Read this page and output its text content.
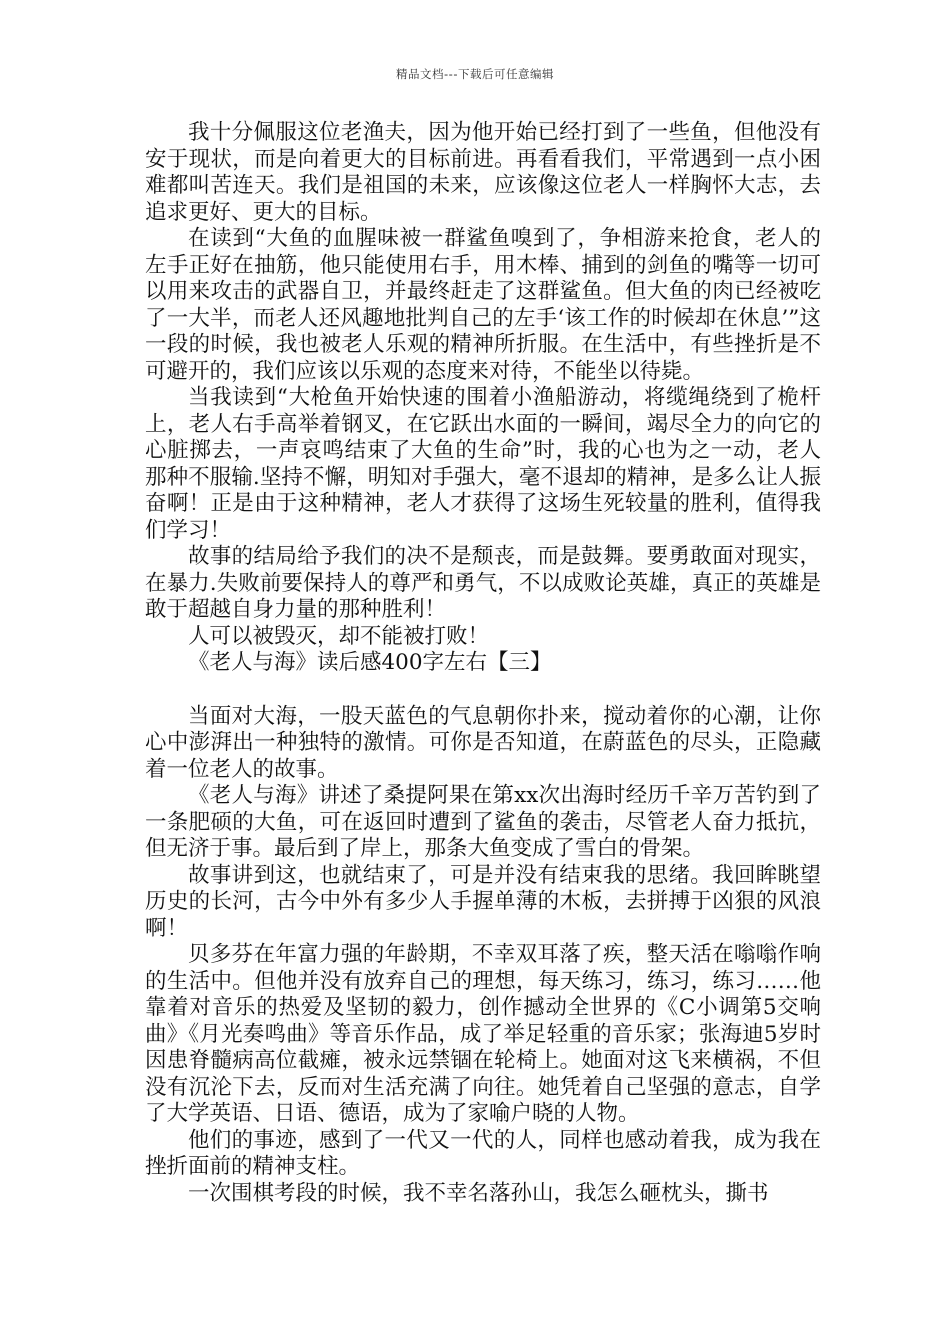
精品文档---下载后可任意编辑

我十分佩服这位老渔夫，因为他开始已经打到了一些鱼，但他没有安于现状，而是向着更大的目标前进。再看看我们，平常遇到一点小困难都叫苦连天。我们是祖国的未来，应该像这位老人一样胸怀大志，去追求更好、更大的目标。

在读到“大鱼的血腥味被一群鲨鱼嗅到了，争相游来抢食，老人的左手正好在抽筋，他只能使用右手，用木棒、捕到的剑鱼的嘴等一切可以用来攻击的武器自卫，并最终赶走了这群鲨鱼。但大鱼的肉已经被吃了一大半，而老人还风趣地批判自己的左手‘该工作的时候却在休息’”这一段的时候，我也被老人乐观的精神所折服。在生活中，有些挫折是不可避开的，我们应该以乐观的态度来对待，不能坐以待毙。

当我读到“大枪鱼开始快速的围着小渔船游动，将缆绳绕到了桅杆上，老人右手高举着钢叉，在它跃出水面的一瞬间，竭尽全力的向它的心脏掷去，一声哀鸣结束了大鱼的生命”时，我的心也为之一动，老人那种不服输.坚持不懈，明知对手强大，毫不退却的精神，是多么让人振奋啊！正是由于这种精神，老人才获得了这场生死较量的胜利，值得我们学习！

故事的结局给予我们的决不是颓丧，而是鼓舞。要勇敢面对现实，在暴力.失败前要保持人的尊严和勇气，不以成败论英雄，真正的英雄是敢于超越自身力量的那种胜利！

人可以被毁灭，却不能被打败！

《老人与海》读后感400字左右【三】

当面对大海，一股天蓝色的气息朝你扑来，搅动着你的心潮，让你心中澎湃出一种独特的激情。可你是否知道，在蔚蓝色的尽头，正隐藏着一位老人的故事。

《老人与海》讲述了桑提阿果在第xx次出海时经历千辛万苦钓到了一条肥硕的大鱼，可在返回时遭到了鲨鱼的袭击，尽管老人奋力抵抗，但无济于事。最后到了岸上，那条大鱼变成了雪白的骨架。

故事讲到这，也就结束了，可是并没有结束我的思绪。我回眸眺望历史的长河，古今中外有多少人手握单薄的木板，去拼搏于凶狠的风浪啊！

贝多芬在年富力强的年龄期，不幸双耳落了疾，整天活在嗡嗡作响的生活中。但他并没有放弃自己的理想，每天练习，练习，练习……他靠着对音乐的热爱及坚韧的毅力，创作撼动全世界的《C小调第5交响曲》《月光奏鸣曲》等音乐作品，成了举足轻重的音乐家；张海迪5岁时因患脊髓病高位截瘫，被永远禁锢在轮椅上。她面对这飞来横祸，不但没有沉沦下去，反而对生活充满了向往。她凭着自己坚强的意志，自学了大学英语、日语、德语，成为了家喻户晓的人物。

他们的事迹，感到了一代又一代的人，同样也感动着我，成为我在挫折面前的精神支柱。

一次围棋考段的时候，我不幸名落孙山，我怎么砸枕头，撕书
